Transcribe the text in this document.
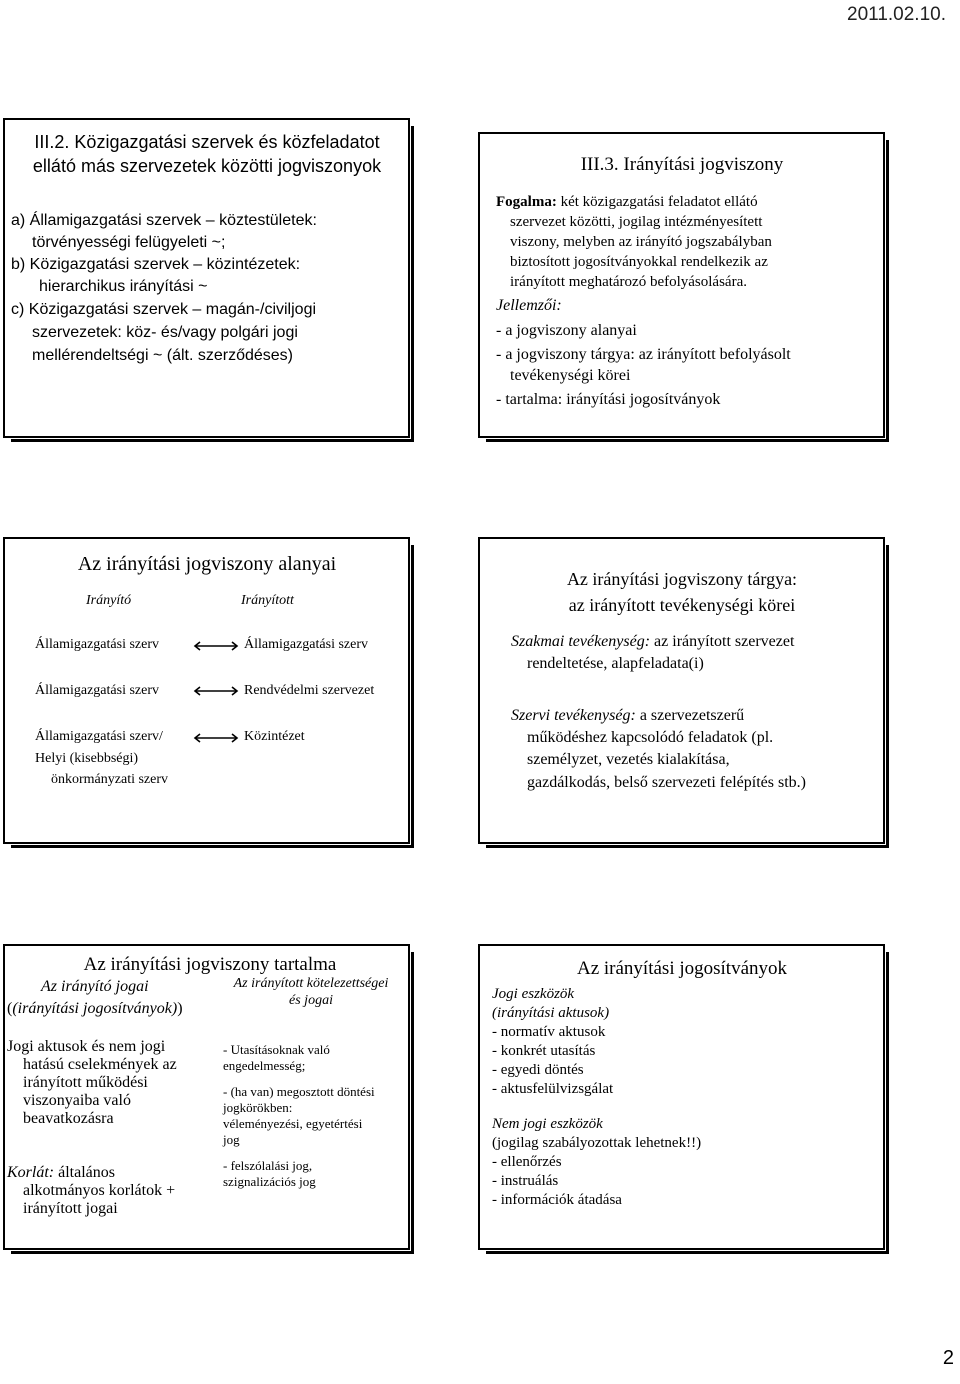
2011.02.10.
III.2. Közigazgatási szervek és közfeladatot
ellátó más szervezetek közötti jogviszonyok
a) Államigazgatási szervek – köztestületek:
törvényességi felügyeleti ~;
b) Közigazgatási szervek – közintézetek:
hierarchikus irányítási ~
c) Közigazgatási szervek – magán-/civiljogi
szervezetek: köz- és/vagy polgári jogi
mellérendeltségi ~ (ált. szerződéses)
III.3. Irányítási jogviszony
Fogalma: két közigazgatási feladatot ellátó
szervezet közötti, jogilag intézményesített
viszony, melyben az irányító jogszabályban
biztosított jogosítványokkal rendelkezik az
irányított meghatározó befolyásolására.
Jellemzői:
- a jogviszony alanyai
- a jogviszony tárgya: az irányított befolyásolt
tevékenységi körei
- tartalma: irányítási jogosítványok
Az irányítási jogviszony alanyai
Irányító	Irányított
Államigazgatási szerv	Államigazgatási szerv
Államigazgatási szerv	Rendvédelmi szervezet
Államigazgatási szerv/	Közintézet
Helyi (kisebbségi)
önkormányzati szerv
Az irányítási jogviszony tárgya:
az irányított tevékenységi körei
Szakmai tevékenység: az irányított szervezet
rendeltetése, alapfeladata(i)
Szervi tevékenység: a szervezetszerű
működéshez kapcsolódó feladatok (pl.
személyzet, vezetés kialakítása,
gazdálkodás, belső szervezeti felépítés stb.)
Az irányítási jogviszony tartalma
Az irányító jogai
((irányítási jogosítványok))
Az irányított kötelezettségei
és jogai
Jogi aktusok és nem jogi
hatású cselekmények az
irányított működési
viszonyaiba való
beavatkozásra
Korlát: általános
alkotmányos korlátok +
irányított jogai
- Utasításoknak való
engedelmesség;
- (ha van) megosztott döntési
jogkörökben:
véleményezési, egyetértési
jog
- felszólalási jog,
szignalizációs jog
Az irányítási jogosítványok
Jogi eszközök
(irányítási aktusok)
- normatív aktusok
- konkrét utasítás
- egyedi döntés
- aktusfelülvizsgálat
Nem jogi eszközök
(jogilag szabályozottak lehetnek!!)
- ellenőrzés
- instruálás
- információk átadása
2
